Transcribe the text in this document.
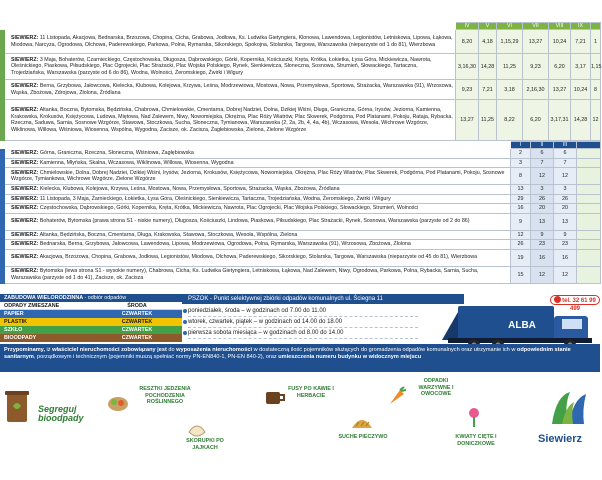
		IV	V	VI	VII	VIII	IX	
	SIEWIERZ: 11 Listopada, Akacjowa, Bednarska, Brzozowa, Chopina, Cicha, Grabowa, Jodłowa, Ks. Ludwika Gietyngiera, Klonowa, Lawendowa, Legionistów, Letniskowa, Lipowa, Łąkowa, Miodowa, Narcyza, Ogrodowa, Olchowa, Paderewskiego, Parkowa, Polna, Rymarska, Sikorskiego, Spokojna, Stolarska, Targowa, Warszawska (nieparzyste od 1 do 81), Wierzbowa	8,20	4,18	1,15,29	13,27	10,24	7,21	1
	SIEWIERZ: 3 Maja, Bohaterów, Czarnieckiego, Częstochowska, Długosza, Dąbrowskiego, Górki, Kopernika, Kościuszki, Kręta, Krótka, Łokietka, Łysa Góra, Mickiewicza, Nawrota, Oleśnickiego, Piaskowa, Piłsudskiego, Plac Ogrojecki, Plac Strażacki, Plac Wojska Polskiego, Rynek, Sienkiewicza, Słonecznа, Sosnowa, Strumień, Słowackiego, Tartaczna, Trojedziańska, Warszawska (parzyste od 6 do 86), Wodna, Wolności, Żeromskiego, Żwirki i Wigury	3,16,30	14,28	11,25	9,23	6,20	3,17	1,15
	SIEWIERZ: Berna, Grzybowa, Jałowcowa, Kielecka, Klubowa, Kolejowa, Krzywa, Leśna, Modrzewiowa, Mostowa, Nowa, Przemysłowa, Sportowa, Strażacka, Warszawska (91), Wrzosowa, Wąska, Zbożowa, Zdrojowa, Złolona, Źródlana	9,23	7,21	3,18	2,16,30	13,27	10,24	8
	SIEWIERZ: Altanka, Boczna, Bytomska, Będzińska, Chabrowa, Chmielowskie, Cmentarna, Dobrej Nadziei, Dolna, Dzikiej Wiśni, Długa, Graniczna, Górna, Irysów, Jeziorna, Kamienna, Krakowska, Krokusów, Księżycowa, Ludowa, Miętowa, Nad Zalewem, Niwy, Nowomiejska, Okrężna, Plac Róży Wiatrów, Plac Skwerek, Podgórna, Pod Platanami, Pokoju, Rataja, Rybacka, Rzeczna, Saduwa, Sarnia, Sosnowe Wzgórze, Stawowa, Stoczkowa, Sucha, Słoneczna, Tymianowa, Warszawska (2, 2a, 2b, 4, 4a, 4b), Wczasowa, Wesoła, Wichrowe Wzgórze, Wiklinowa, Willowa, Wiśniowa, Wiosenna, Wspólna, Wygodna, Zaciszе, ok. Zacisza, Żagłebiowska, Zielona, Zielone Wzgórze	13,27	11,25	8,22	6,20	3,17,31	14,28	12
		I	II	III	
	SIEWIERZ: Górna, Graniczna, Rzeczna, Słoneczna, Wiśniowa, Zagłębiowska	2	6	6	
	SIEWIERZ: Kamienna, Młyńska, Skalna, Wczasowa, Wiklinowa, Willowa, Wiosenna, Wygodna	3	7	7	
	SIEWIERZ: Chmielowskie, Dolna, Dobrej Nadziei, Dzikiej Wiśni, Irysów, Jeziorna, Krokusów, Księżycowa, Nowomiejska, Okrężna, Plac Róży Wiatrów, Plac Skwerek, Podgórna, Pod Platanami, Pokoju, Sosnowe Wzgórze, Tymiankowa, Wichrowe Wzgórze, Zielone Wzgórze	8	12	12	
	SIEWIERZ: Kielecka, Klubowa, Kolejowa, Krzywa, Leśna, Mostowa, Nowa, Przemysłowa, Sportowa, Strażacka, Wąska, Zbożowa, Źródlana	13	3	3	
	SIEWIERZ: 11 Listopada, 3 Maja, Żarnieckiego, Łokietka, Łysa Góra, Oleśnickiego, Sienkiewicza, Tartaczna, Trojedziańska, Wodna, Żeromskiego, Żwirki i Wigury	29	26	26	
	SIEWIERZ: Częstochowska, Dąbrowskiego, Górki, Kopernika, Kręta, Krótka, Mickiewicza, Nawrota, Plac Ogrojecki, Plac Wojska Polskiego, Słowackiego, Strumień, Wolności	16	20	20	
	SIEWIERZ: Bohaterów, Bytomska (prawa strona S1 - niskie numery), Długosza, Kościuszki, Lindowa, Piaskowa, Piłsudskiego, Plac Strażacki, Rynek, Sosnowa, Warszawska (parzyste od 2 do 86)	9	13	13	
	SIEWIERZ: Altanka, Będzińska, Boczna, Cmentarna, Długa, Krakowska, Stawowa, Stoczkowa, Wesoła, Wspólna, Zielona	12	9	9	
	SIEWIERZ: Bednarska, Berna, Grzybowa, Jałowcowa, Lawendowa, Lipowa, Modrzewiowa, Ogrodowa, Polna, Rymarska, Warszawska (91), Wrzosowa, Zbożowa, Złolona	26	23	23	
	SIEWIERZ: Akacjowa, Brzozowa, Chopina, Grabowa, Jodłowa, Legionistów, Miodowa, Olchowa, Paderewskiego, Sikorskiego, Stolarska, Targowa, Warszawska (nieparzyste od 45 do 81), Wierzbowa	19	16	16	
	SIEWIERZ: Bytomska (lewa strona S1 - wysokie numery), Chabrowa, Cicha, Ks. Ludwika Gietyngiera, Letniskowa, Łąkowa, Nad Zalewem, Niwy, Ogrodowa, Parkowa, Polna, Rybacka, Sarnia, Sucha, Warszawska (parzyste od 1 do 41), Zacisze, ok. Zacisza	15	12	12	
ZABUDOWA WIELORODZINNA - odbiór odpadów
ODPADY ZMIESZANE	ŚRODA
PAPIER	CZWARTEK
PLASTIK	CZWARTEK
SZKŁO	CZWARTEK
BIOODPADY	CZWARTEK
PSZOK - Punkt selektywnej zbiórki odpadów komunalnych ul. Ściegna 11	tel. 32 61 99 499
poniedziałek, środa – w godzinach od 7.00 do 11.00
wtorek, czwartek, piątek – w godzinach od 14.00 do 18.00
pierwsza sobota miesiąca – w godzinach od 8.00 do 14.00
ALBA
Przypominamy, iż właściciel nieruchomości zobowiązany jest do wyposażenia nieruchomości w dostateczną ilość pojemników służących do gromadzenia odpadów komunalnych oraz utrzymanie ich w odpowiednim stanie sanitarnym, porządkowym i technicznym (pojemniki muszą spełniać normy PN-EN840-1, PN-EN 840-2), oraz umieszczenia numeru budynku w widocznym miejscu
Segreguj
bioodpady
RESZTKI JEDZENIA POCHODZENIA ROŚLINNEGO
SKORUPKI PO JAJKACH
FUSY PO KAWIE I HERBACIE
SUCHE PIECZYWO
ODPADKI WARZYWNE I OWOCOWE
KWIATY CIĘTE I DONICZKOWE	Siewierz
